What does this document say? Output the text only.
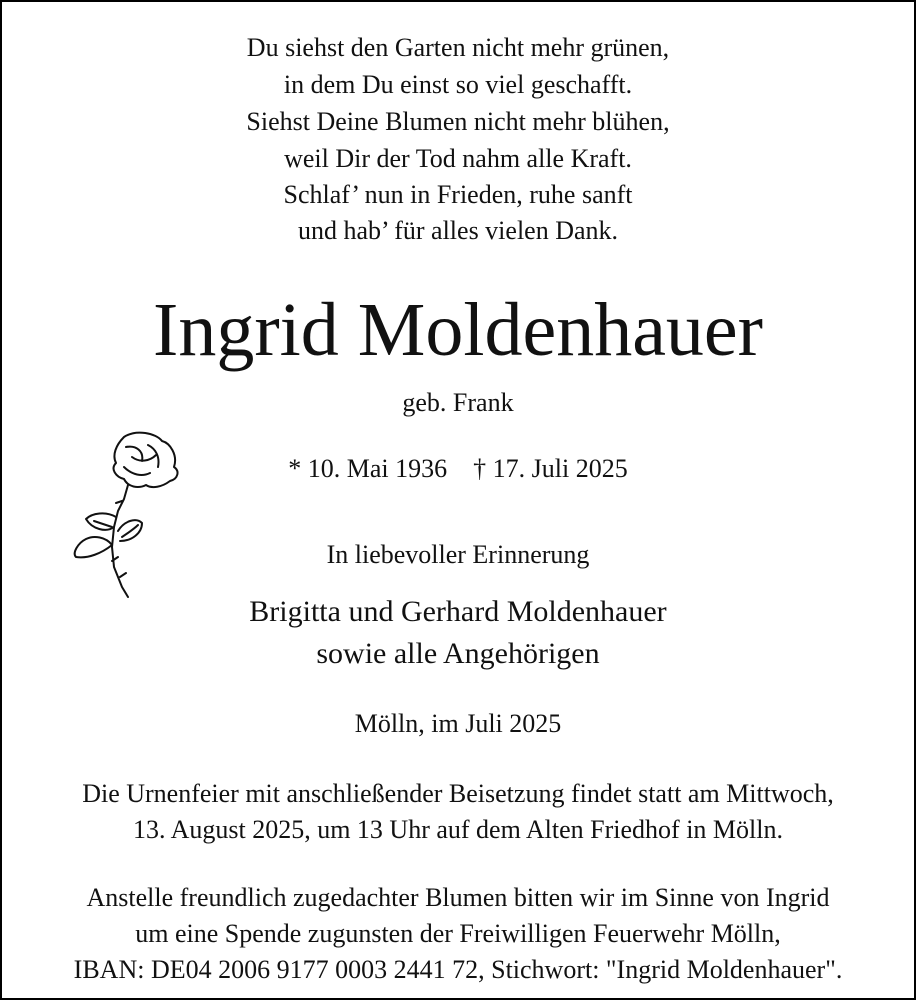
Du siehst den Garten nicht mehr grünen,
in dem Du einst so viel geschafft.
Siehst Deine Blumen nicht mehr blühen,
weil Dir der Tod nahm alle Kraft.
Schlaf’ nun in Frieden, ruhe sanft
und hab’ für alles vielen Dank.
Ingrid Moldenhauer
geb. Frank
* 10. Mai 1936 † 17. Juli 2025
In liebevoller Erinnerung
Brigitta und Gerhard Moldenhauer
sowie alle Angehörigen
Mölln, im Juli 2025
Die Urnenfeier mit anschließender Beisetzung findet statt am Mittwoch,
13. August 2025, um 13 Uhr auf dem Alten Friedhof in Mölln.
Anstelle freundlich zugedachter Blumen bitten wir im Sinne von Ingrid
um eine Spende zugunsten der Freiwilligen Feuerwehr Mölln,
IBAN: DE04 2006 9177 0003 2441 72, Stichwort: "Ingrid Moldenhauer".
